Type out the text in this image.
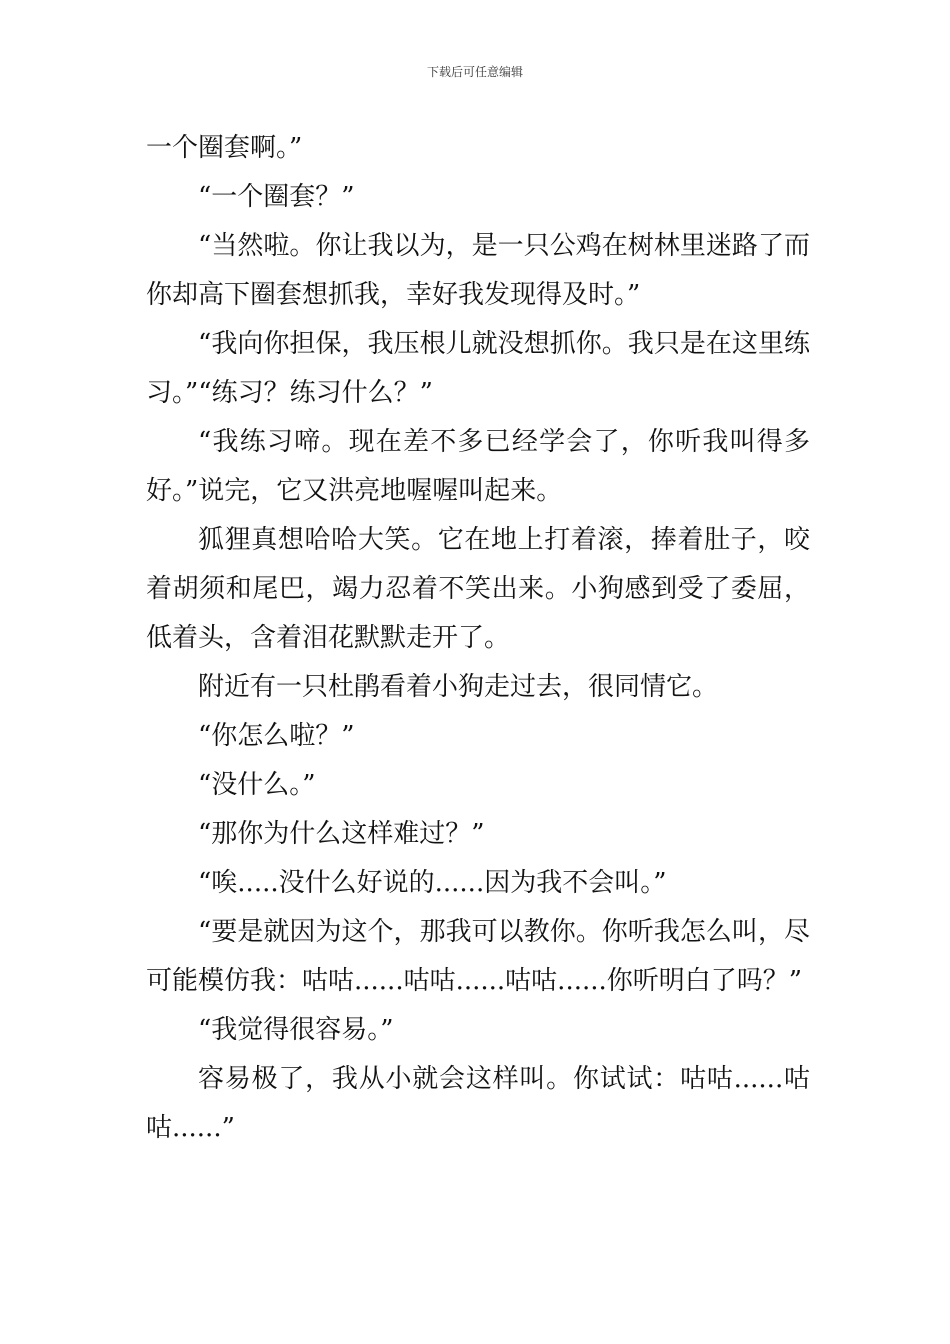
下载后可任意编辑

一个圈套啊。”

“一个圈套？”

“当然啦。你让我以为，是一只公鸡在树林里迷路了而你却高下圈套想抓我，幸好我发现得及时。”

“我向你担保，我压根儿就没想抓你。我只是在这里练习。”“练习？练习什么？”

“我练习啼。现在差不多已经学会了，你听我叫得多好。”说完，它又洪亮地喔喔叫起来。

狐狸真想哈哈大笑。它在地上打着滚，捧着肚子，咬着胡须和尾巴，竭力忍着不笑出来。小狗感到受了委屈，低着头，含着泪花默默走开了。

附近有一只杜鹃看着小狗走过去，很同情它。

“你怎么啦？”

“没什么。”

“那你为什么这样难过？”

“唉.....没什么好说的......因为我不会叫。”

“要是就因为这个，那我可以教你。你听我怎么叫，尽可能模仿我：咕咕......咕咕......咕咕......你听明白了吗？”

“我觉得很容易。”

容易极了，我从小就会这样叫。你试试：咕咕......咕咕......”
